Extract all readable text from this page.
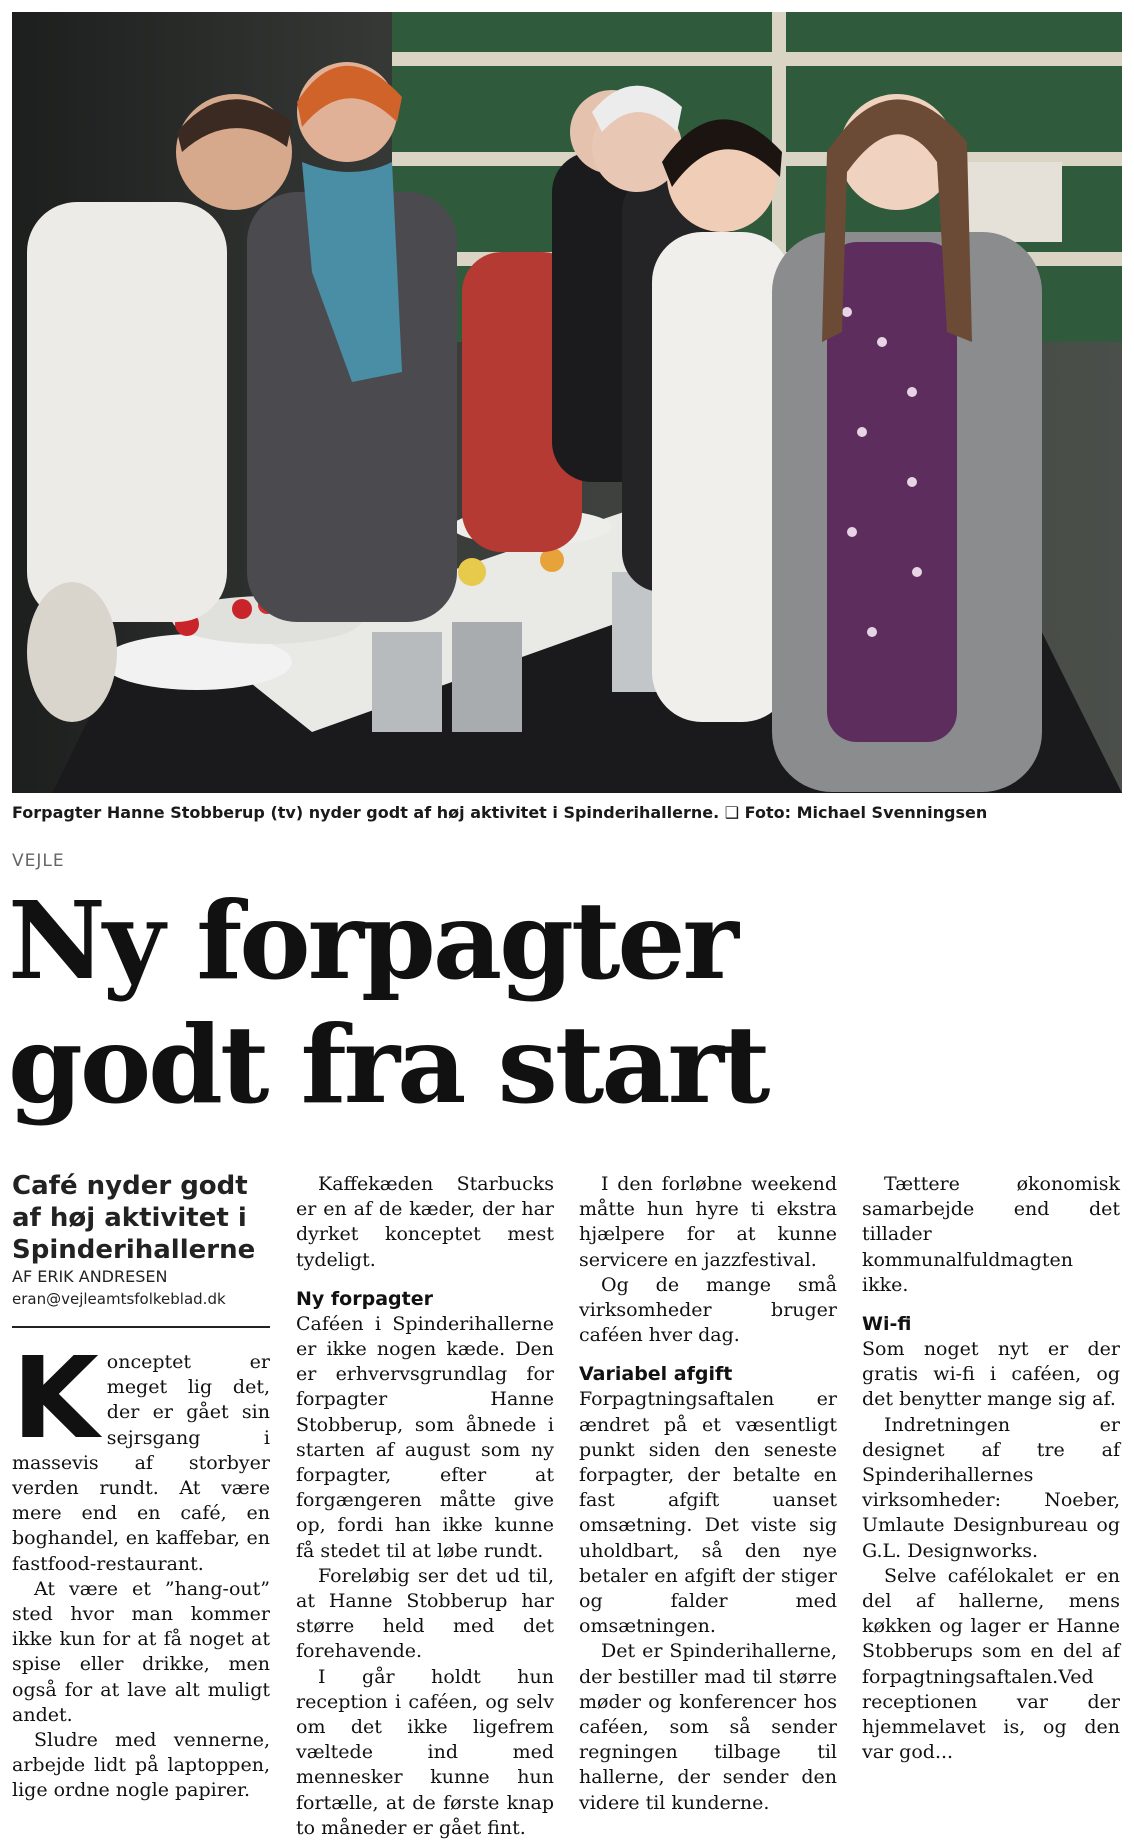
Forpagter Hanne Stobberup (tv) nyder godt af høj aktivitet i Spinderihallerne. ❑ Foto: Michael Svenningsen
VEJLE
Ny forpagter
godt fra start

Café nyder godt af høj aktivitet i Spinderihallerne

AF ERIK ANDRESEN
eran@vejleamtsfolkeblad.dk

Konceptet er meget lig det, der er gået sin sejrsgang i massevis af storbyer verden rundt. At være mere end en café, en boghandel, en kaffebar, en fastfood-restaurant.

At være et ”hang-out” sted hvor man kommer ikke kun for at få noget at spise eller drikke, men også for at lave alt muligt andet.

Sludre med vennerne, arbejde lidt på laptoppen, lige ordne nogle papirer.

Kaffekæden Starbucks er en af de kæder, der har dyrket konceptet mest tydeligt.

Ny forpagter

Caféen i Spinderihallerne er ikke nogen kæde. Den er erhvervsgrundlag for forpagter Hanne Stobberup, som åbnede i starten af august som ny forpagter, efter at forgængeren måtte give op, fordi han ikke kunne få stedet til at løbe rundt.

Foreløbig ser det ud til, at Hanne Stobberup har større held med det forehavende.

I går holdt hun reception i caféen, og selv om det ikke ligefrem væltede ind med mennesker kunne hun fortælle, at de første knap to måneder er gået fint.

I den forløbne weekend måtte hun hyre ti ekstra hjælpere for at kunne servicere en jazzfestival.

Og de mange små virksomheder bruger caféen hver dag.

Variabel afgift

Forpagtningsaftalen er ændret på et væsentligt punkt siden den seneste forpagter, der betalte en fast afgift uanset omsætning. Det viste sig uholdbart, så den nye betaler en afgift der stiger og falder med omsætningen.

Det er Spinderihallerne, der bestiller mad til større møder og konferencer hos caféen, som så sender regningen tilbage til hallerne, der sender den videre til kunderne.

Tættere økonomisk samarbejde end det tillader kommunalfuldmagten ikke.

Wi-fi

Som noget nyt er der gratis wi-fi i caféen, og det benytter mange sig af.

Indretningen er designet af tre af Spinderihallernes virksomheder: Noeber, Umlaute Designbureau og G.L. Designworks.

Selve cafélokalet er en del af hallerne, mens køkken og lager er Hanne Stobberups som en del af forpagtningsaftalen.Ved receptionen var der hjemmelavet is, og den var god...
